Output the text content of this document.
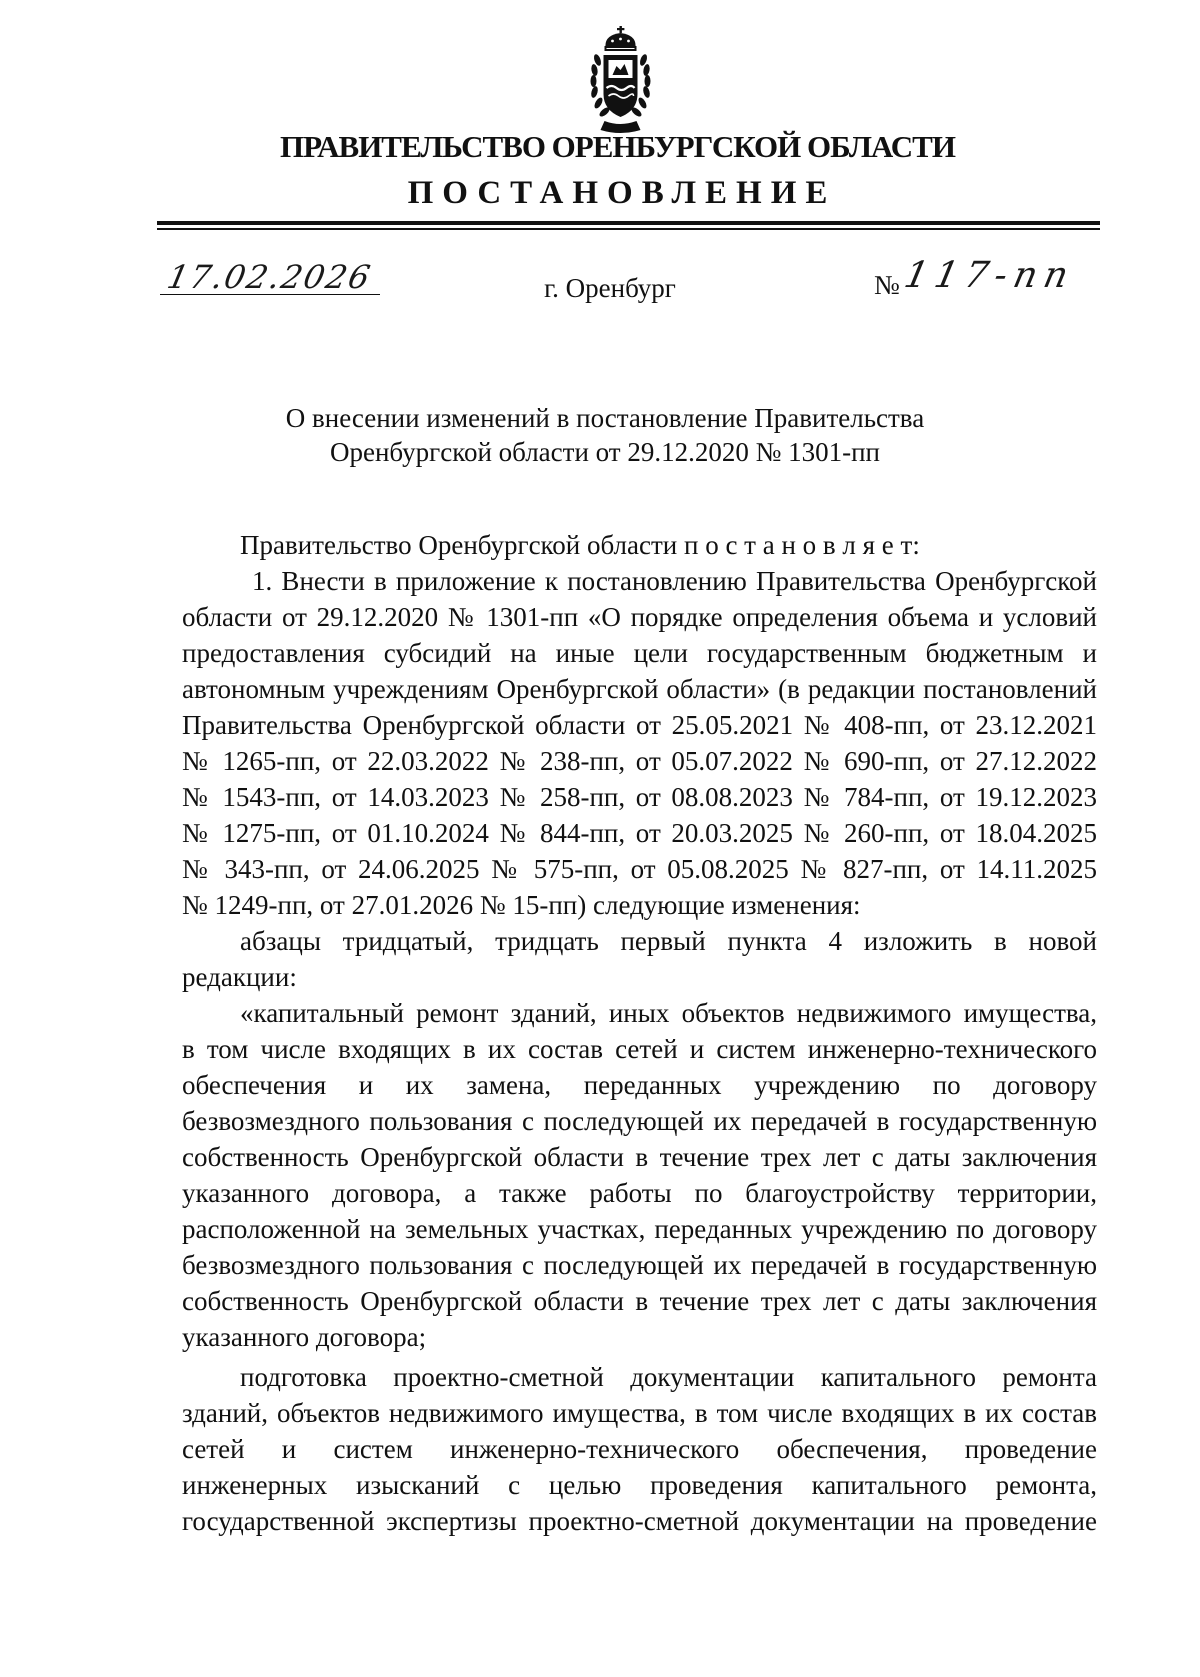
ПРАВИТЕЛЬСТВО ОРЕНБУРГСКОЙ ОБЛАСТИ
ПОСТАНОВЛЕНИЕ
17.02.2026	г. Оренбург	№ 117-пп
О внесении изменений в постановление Правительства
Оренбургской области от 29.12.2020 № 1301-пп
Правительство Оренбургской области п о с т а н о в л я е т:
1. Внести в приложение к постановлению Правительства Оренбургской
области от 29.12.2020 № 1301-пп «О порядке определения объема и условий
предоставления субсидий на иные цели государственным бюджетным и
автономным учреждениям Оренбургской области» (в редакции постановлений
Правительства Оренбургской области от 25.05.2021 № 408-пп, от 23.12.2021
№ 1265-пп, от 22.03.2022 № 238-пп, от 05.07.2022 № 690-пп, от 27.12.2022
№ 1543-пп, от 14.03.2023 № 258-пп, от 08.08.2023 № 784-пп, от 19.12.2023
№ 1275-пп, от 01.10.2024 № 844-пп, от 20.03.2025 № 260-пп, от 18.04.2025
№ 343-пп, от 24.06.2025 № 575-пп, от 05.08.2025 № 827-пп, от 14.11.2025
№ 1249-пп, от 27.01.2026 № 15-пп) следующие изменения:
абзацы тридцатый, тридцать первый пункта 4 изложить в новой
редакции:
«капитальный ремонт зданий, иных объектов недвижимого имущества,
в том числе входящих в их состав сетей и систем инженерно-технического
обеспечения и их замена, переданных учреждению по договору
безвозмездного пользования с последующей их передачей в государственную
собственность Оренбургской области в течение трех лет с даты заключения
указанного договора, а также работы по благоустройству территории,
расположенной на земельных участках, переданных учреждению по договору
безвозмездного пользования с последующей их передачей в государственную
собственность Оренбургской области в течение трех лет с даты заключения
указанного договора;
подготовка проектно-сметной документации капитального ремонта
зданий, объектов недвижимого имущества, в том числе входящих в их состав
сетей и систем инженерно-технического обеспечения, проведение
инженерных изысканий с целью проведения капитального ремонта,
государственной экспертизы проектно-сметной документации на проведение
